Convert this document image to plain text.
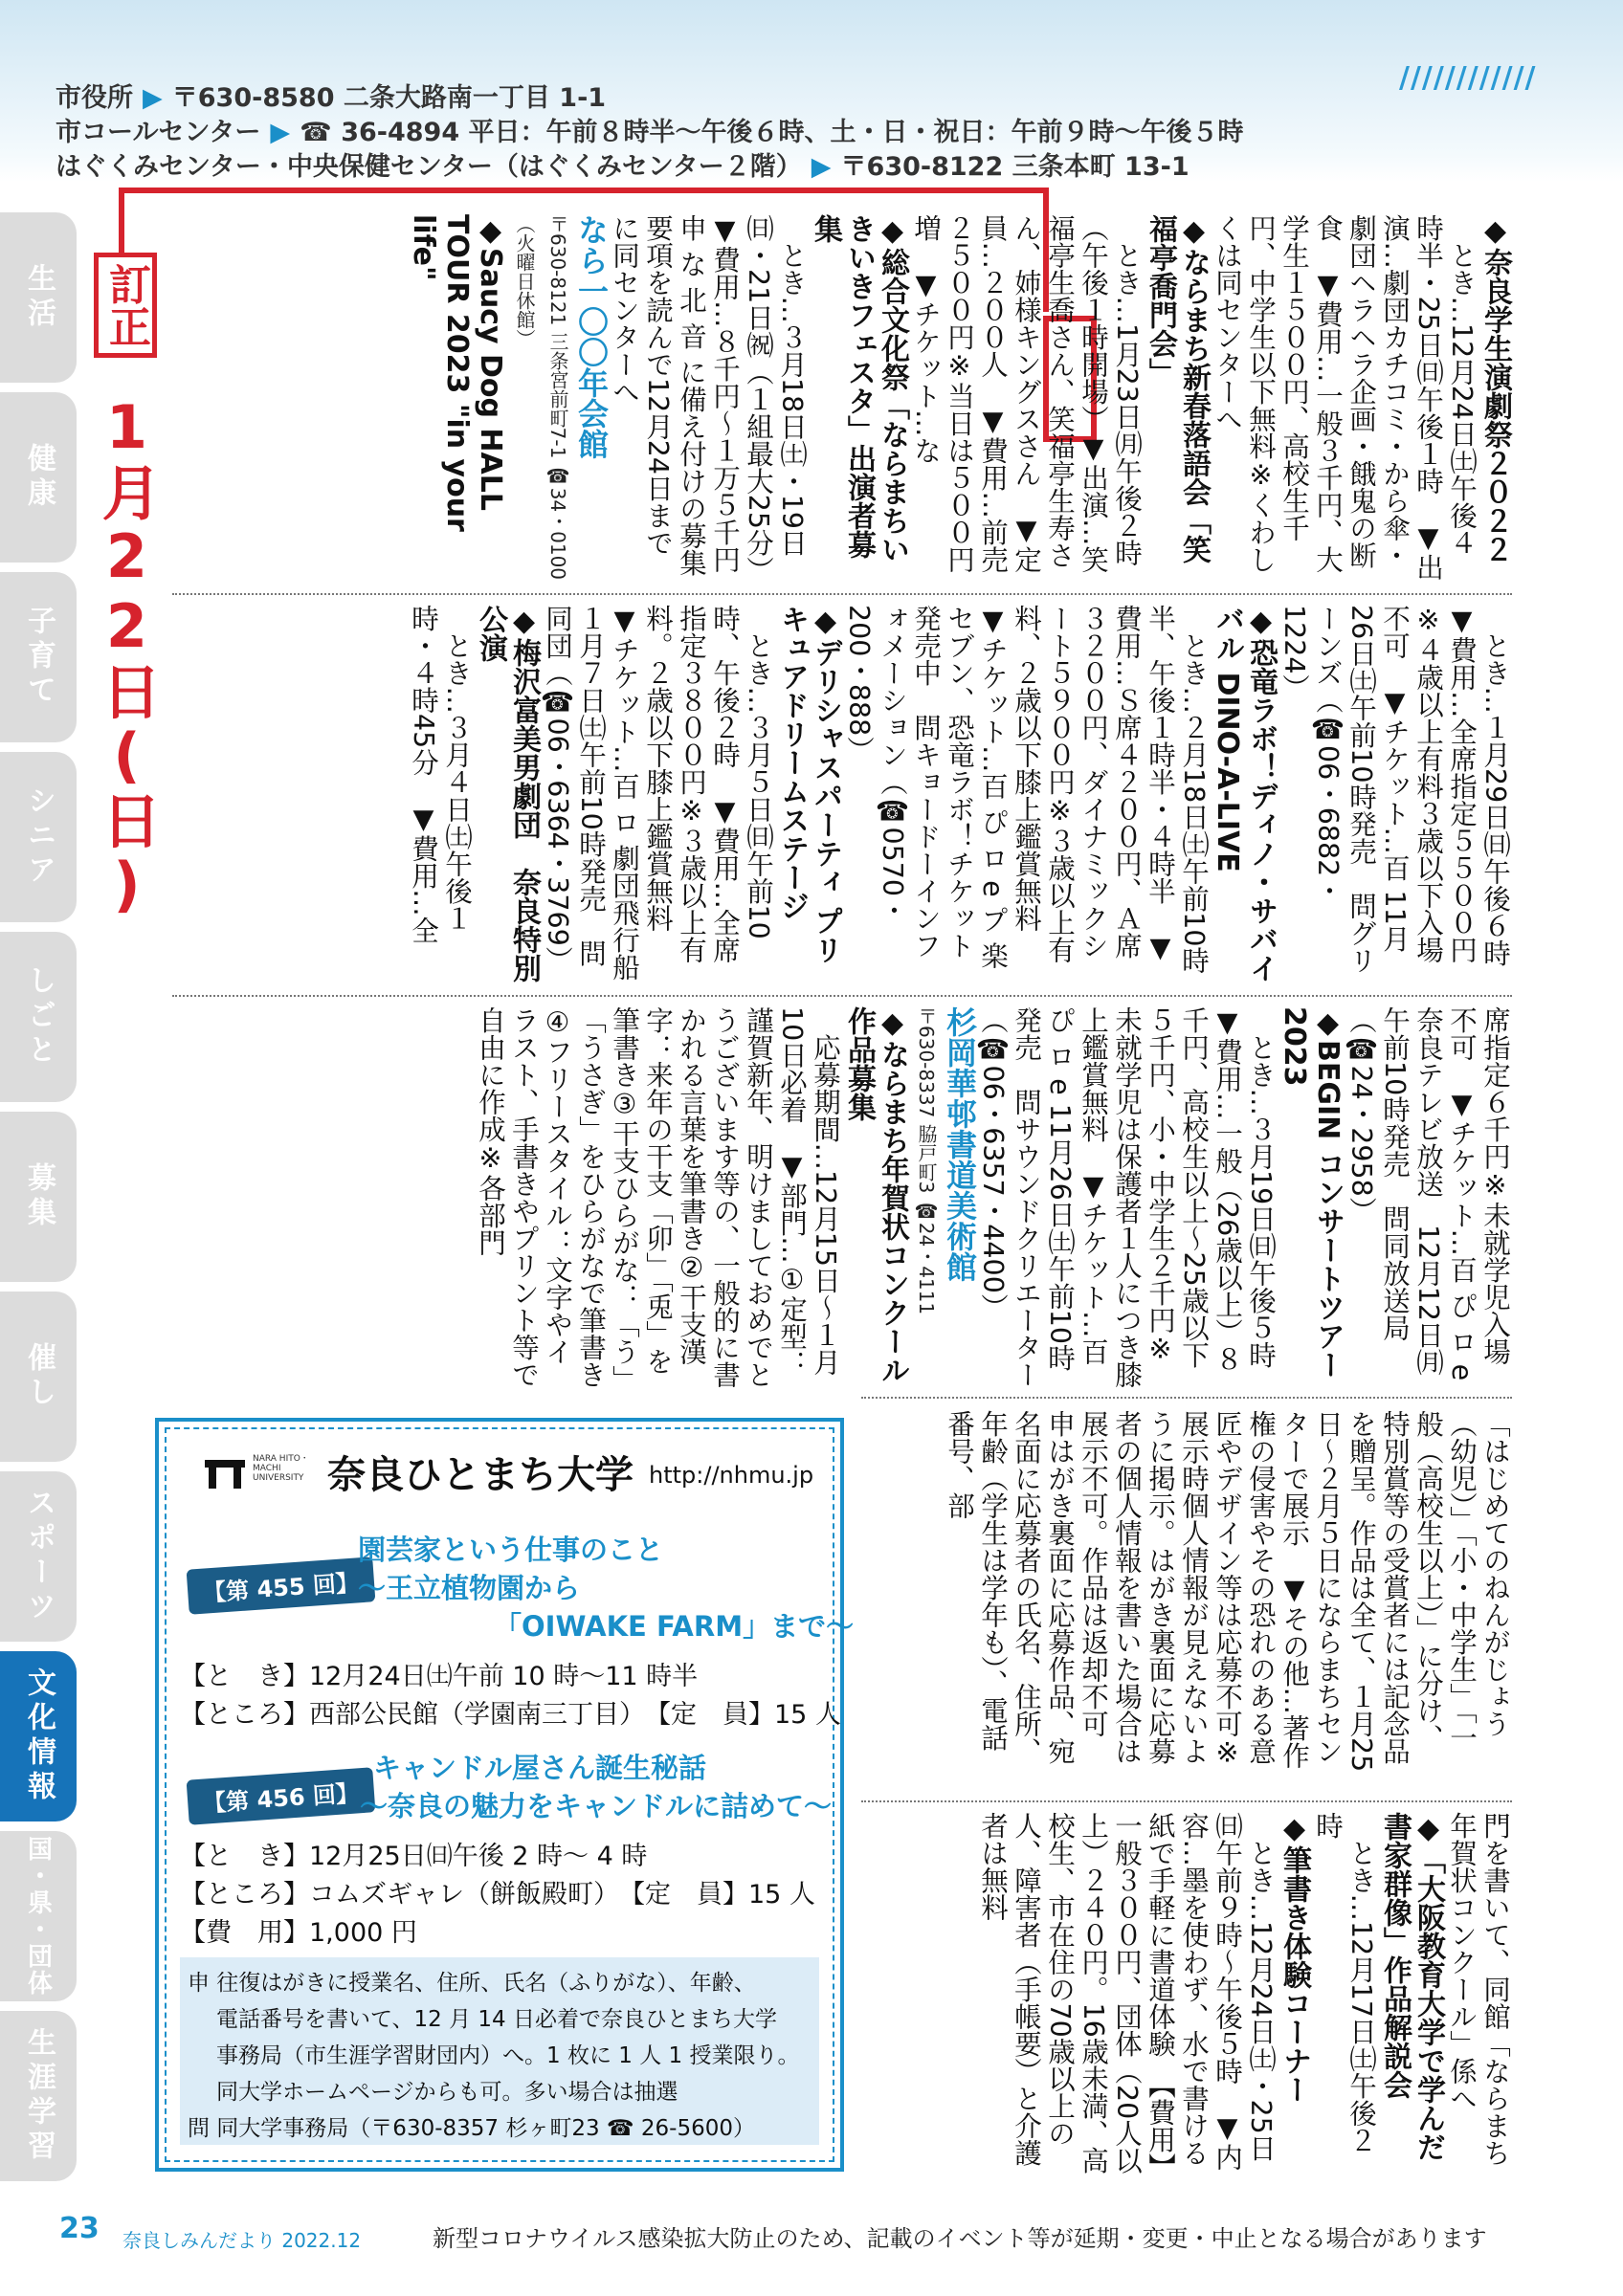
市役所 ▶ 〒630-8580 二条大路南一丁目 1-1
市コールセンター ▶ ☎ 36-4894 平日：午前８時半〜午後６時、土・日・祝日：午前９時〜午後５時
はぐくみセンター・中央保健センター（はぐくみセンター２階） ▶ 〒630-8122 三条本町 13-1
////////////
生活
健康
子育て
シニア
しごと
募集
催し
スポーツ
文化情報
国・県・団体
生涯学習
訂正
1月22日(日)
◆奈良学生演劇祭２０２２
　とき…12月24日㈯午後４時半・25日㈰午後１時　▼出演…劇団カチコミ・から傘・劇団ヘラヘラ企画・餓鬼の断食　▼費用…一般３千円、大学生１５００円、高校生千円、中学生以下無料※くわしくは同センターへ
◆ならまち新春落語会「笑福亭喬門会」
　とき…1月23日㈪午後２時（午後１時開場）▼出演…笑福亭生喬さん、笑福亭生寿さん、姉様キングスさん　▼定員…２００人　▼費用…前売２５００円※当日は５００円増　▼チケット…な
◆総合文化祭「ならまちいきいきフェスタ」出演者募集
　とき…３月18日㈯・19日㈰・21日㈷（１組最大25分）▼費用…８千円〜１万５千円　申 な 北 音 に備え付けの募集要項を読んで12月24日までに同センターへ
なら一〇〇年会館
〒630-8121 三条宮前町7-1 ☎34・0100 （火曜日休館）
◆Saucy Dog HALL TOUR 2023 "in your life"
　とき…１月29日㈰午後６時　▼費用…全席指定５５００円※４歳以上有料３歳以下入場不可　▼チケット…百 11月26日㈯午前10時発売　問グリーンズ（☎06・6882・1224）
◆恐竜ラボ！ディノ・サバイバル DINO-A-LIVE
　とき…２月18日㈯午前10時半、午後１時半・４時半　▼費用…Ｓ席４２００円、Ａ席３２００円、ダイナミックシート５９００円※３歳以上有料、２歳以下膝上鑑賞無料　▼チケット…百 ぴ ロ e プ 楽 セブン、恐竜ラボ！チケット 発売中　問キョードーインフォメーション（☎0570・200・888）
◆デリシャスパーティ プリキュアドリームステージ
　とき…３月５日㈰午前10時、午後２時　▼費用…全席指定３８００円※３歳以上有料。２歳以下膝上鑑賞無料　▼チケット…百 ロ 劇団飛行船　１月７日㈯午前10時発売　問同団（☎06・6364・3769）
◆梅沢富美男劇団　奈良特別公演
　とき…３月４日㈯午後１時・４時45分　▼費用…全
席指定６千円※未就学児入場不可　▼チケット…百 ぴ ロ e 奈良テレビ放送　12月12日㈪午前10時発売　問同放送局（☎24・2958）
◆BEGIN コンサートツアー 2023
　とき…３月19日㈰午後５時　▼費用…一般（26歳以上）８千円、高校生以上〜25歳以下５千円、小・中学生２千円※未就学児は保護者１人につき膝上鑑賞無料　▼チケット…百 ぴ ロ e 11月26日㈯午前10時発売　問サウンドクリエーター（☎06・6357・4400）
杉岡華邨書道美術館
〒630-8337 脇戸町3 ☎24・4111
◆ならまち年賀状コンクール作品募集
　応募期間…12月15日〜１月10日必着　▼部門…①定型：謹賀新年、明けましておめでとうございます等の、一般的に書かれる言葉を筆書き②干支漢字：来年の干支「卯」「兎」を筆書き③干支ひらがな：「う」「うさぎ」をひらがなで筆書き④フリースタイル：文字やイラスト、手書きやプリント等で自由に作成※各部門
「はじめてのねんがじょう（幼児）」「小・中学生」「一般（高校生以上）」に分け、特別賞等の受賞者には記念品を贈呈。作品は全て、１月25日〜２月５日にならまちセンターで展示　▼その他…著作権の侵害やその恐れのある意匠やデザイン等は応募不可※展示時個人情報が見えないように掲示。はがき裏面に応募者の個人情報を書いた場合は展示不可。作品は返却不可　申はがき裏面に応募作品、宛名面に応募者の氏名、住所、年齢（学生は学年も）、電話番号、部
門を書いて、同館「ならまち年賀状コンクール」係へ
◆「大阪教育大学で学んだ書家群像」作品解説会
　とき…12月17日㈯午後２時
◆筆書き体験コーナー
　とき…12月24日㈯・25日㈰午前９時〜午後５時　▼内容…墨を使わず、水で書ける紙で手軽に書道体験　【費用】一般３００円、団体（20人以上）２４０円。16歳未満、高校生、市在住の70歳以上の人、障害者（手帳要）と介護者は無料
NARA HITO・MACHI UNIVERSITY 奈良ひとまち大学 http://nhmu.jp
【第 455 回】
園芸家という仕事のこと
〜王立植物園から
「OIWAKE FARM」まで〜
【と　き】12月24日㈯午前 10 時〜11 時半
【ところ】西部公民館（学園南三丁目）　 【定　員】15 人
【第 456 回】
キャンドル屋さん誕生秘話
〜奈良の魅力をキャンドルに詰めて〜
【と　き】12月25日㈰午後 2 時〜 4 時
【ところ】コムズギャレ（餅飯殿町）　 【定　員】15 人
【費　用】1,000 円
申 往復はがきに授業名、住所、氏名（ふりがな）、年齢、
電話番号を書いて、12 月 14 日必着で奈良ひとまち大学
事務局（市生涯学習財団内）へ。1 枚に 1 人 1 授業限り。
同大学ホームページからも可。多い場合は抽選
問 同大学事務局（〒630-8357 杉ヶ町23 ☎ 26-5600）
23 奈良しみんだより 2022.12	新型コロナウイルス感染拡大防止のため、記載のイベント等が延期・変更・中止となる場合があります
